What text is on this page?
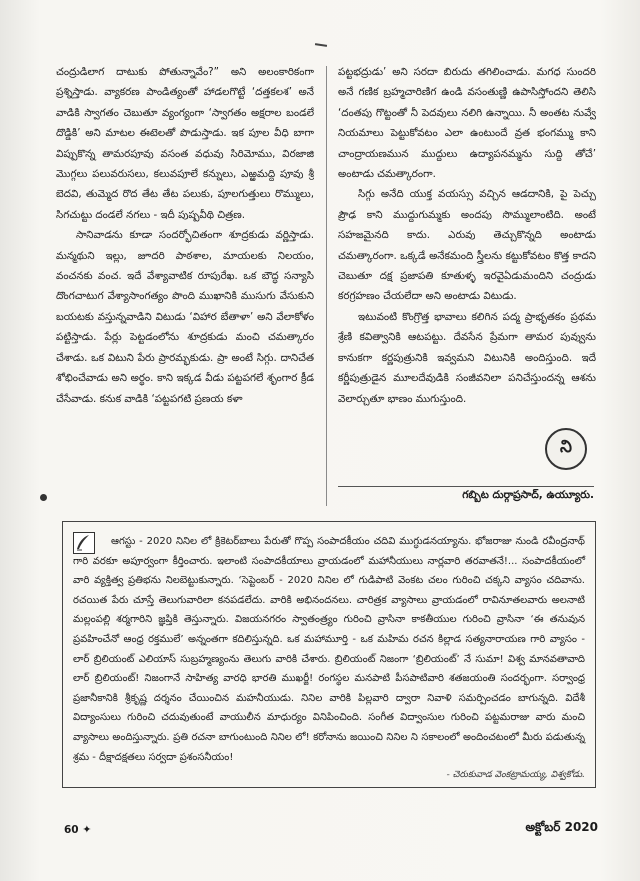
చంద్రుడిలాగ దాటుకు పోతున్నావేం?” అని అలంకారికంగా ప్రశ్నిస్తాడు. వ్యాకరణ పాండిత్యంతో హాడలగొట్టే ‘దత్తకలశ’ అనే వాడికి స్వాగతం చెబుతూ వ్యంగ్యంగా ‘స్వాగతం అక్షరాల బండలే దొడ్డికి’ అని మాటల ఈటెలతో పొడుస్తాడు. ఇక పూల వీధి బాగా విప్పుకొన్న తామరపూవు వసంత వధువు సిరిమోము, విరజాజి మొగ్గలు పలువరుసలు, కలువపూలే కన్నులు, ఎఱ్ఱమద్ది పూవు శ్రీ బెదవి, తుమ్మెద రొద తేట తేట పలుకు, పూలగుత్తులు రొమ్ములు, సిగచుట్టు దండలే నగలు - ఇదీ పుష్పవీథి చిత్రణ.

సానివాడను కూడా సందర్భోచితంగా శూద్రకుడు వర్ణిస్తాడు. మన్మథుని ఇల్లు, జూదరి పాఠశాల, మాయలకు నిలయం, వంచనకు వంచ. ఇదే వేశ్యావాటిక రూపురేఖ. ఒక బౌద్ధ సన్యాసి దొంగచాటుగ వేశ్యాసాంగత్యం పొంది ముఖానికి ముసుగు వేసుకుని బయటకు వస్తున్నవాడిని విటుడు ‘విహార బేతాళా’ అని వేలాకోళం పట్టిస్తాడు. పేర్లు పెట్టడంలోను శూద్రకుడు మంచి చమత్కారం చేశాడు. ఒక విటుని పేరు ప్రారమ్భకుడు. ప్రా అంటే సిగ్గు. దానిచేత శోభించేవాడు అని అర్థం. కాని ఇక్కడ వీడు పట్టపగలే శృంగార క్రీడ చేసేవాడు. కనుక వాడికి ‘పట్టపగటి ప్రణయ కళా

పట్టభద్రుడు’ అని సరదా బిరుదు తగిలించాడు. మగధ సుందరి అనే గణిక బ్రహ్మచారిణిగ ఉండి వసంతుణ్ణి ఉపాసిస్తోందని తెలిసి ‘దంతపు గొట్టంతో నీ పెదవులు నలిగి ఉన్నాయి. నీ అంతట నువ్వే నియమాలు పెట్టుకోవటం ఎలా ఉంటుందే వ్రత భంగమ్ము కాని చాంద్రాయణమున ముద్దులు ఉద్యాపనమ్మను సుద్ది తోచే’ అంటాడు చమత్కారంగా.

సిగ్గు అనేది యుక్త వయస్సు వచ్చిన ఆడదానికి, పై పెచ్చు ప్రౌఢ కాని ముద్దుగుమ్మకు అందపు సొమ్ములాంటిది. అంటే సహజమైనది కాదు. ఎరువు తెచ్చుకొన్నది అంటాడు చమత్కారంగా. ఒక్కడే అనేకమంది స్త్రీలను కట్టుకోవటం కొత్త కాదని చెబుతూ దక్ష ప్రజాపతి కూతుళ్ళ ఇరవైఏడుమందిని చంద్రుడు కరగ్రహణం చేయలేదా అని అంటాడు విటుడు.

ఇటువంటి కొంగ్రొత్త భావాలు కలిగిన పద్మ ప్రాభృతకం ప్రథమ శ్రేణి కవిత్వానికి ఆటపట్టు. దేవసేన ప్రేమగా తామర పువ్వును కానుకగా కర్ణపుత్రునికి ఇవ్వమని విటునికి అందిస్తుంది. ఇదే కర్ణీపుత్రుడైన మూలదేవుడికి సంజీవనిలా పనిచేస్తుందన్న ఆశను వెలార్చుతూ భాణం ముగుస్తుంది.

ని
గబ్బిట దుర్గాప్రసాద్‌, ఉయ్యూరు.

ఆగస్టు - 2020 నినిల లో క్రికెటర్‌బాలు పేరుతో గొప్ప సంపాదకీయం చదివి ముగ్ధుడనయ్యాను. భోజరాజు నుండి రవీంద్రనాథ్‌ గారి వరకూ అపూర్వంగా కీర్తించారు. ఇలాంటి సంపాదకీయాలు వ్రాయడంలో మహానీయులు నార్లవారి తరవాతనే!... సంపాదకీయంలో వారి వ్యక్తిత్వ ప్రతిభను నిలబెట్టుకున్నారు. ‘సెప్టెంబర్‌ - 2020 నినిల లో గుడిపాటి వెంకట చలం గురించి చక్కని వ్యాసం చదివాను. రచయిత పేరు చూస్తే తెలుగువారిలా కనపడలేదు. వారికి అభినందనలు. చారిత్రక వ్యాసాలు వ్రాయడంలో రావినూతలవారు అలనాటి మల్లంపల్లి శర్మగారిని జ్ఞప్తికి తెస్తున్నారు. విజయనగరం స్వాతంత్ర్యం గురించి వ్రాసినా కాకతీయుల గురించి వ్రాసినా ‘ఈ తనువున ప్రవహించేనో ఆంధ్ర రక్తములే’ అన్నంతగా కదిలిస్తున్నది. ఒక మహామూర్తి - ఒక మహిమ రచన కిల్లాడ సత్యనారాయణ గారి వ్యాసం - లార్‌ బ్రిలియంట్‌ ఎలియాస్‌ సుబ్రహ్మణ్యంను తెలుగు వారికి చేశారు. బ్రిలియంట్‌ నిజంగా ‘బ్రిలియంట్’ నే సుమా! విశ్వ మానవతావాది లార్‌ బ్రిలియంట్‌! నిజంగానే సాహిత్య వారధి భారతి ముఖర్జీ! రంగస్థల మనపాటి పీసపాటివారి శతజయంతి సందర్భంగా. సర్వాంధ్ర ప్రజానీకానికి శ్రీకృష్ణ దర్శనం చేయించిన మహనీయుడు. నినిల వారికి పిల్లవారి ద్వారా నివాళి సమర్పించడం బాగున్నది. విదేశీ విద్యాంసులు గురించి చదువుతుంటే వాయులీన మాధుర్యం వినిపించింది. సంగీత విద్వాంసుల గురించి పట్టమరాజు వారు మంచి వ్యాసాలు అందిస్తున్నారు. ప్రతి రచనా బాగుంటుంది నినిల లో! కరోనాను జయించి నినిల ని సకాలంలో అందించటంలో మీరు పడుతున్న శ్రమ - దీక్షాదక్షతలు సర్వదా ప్రశంసనీయం!

- చెరుకువాడ వెంకట్రామయ్య, విశ్వకోడు.
60 ✦	అక్టోబర్‌ 2020
